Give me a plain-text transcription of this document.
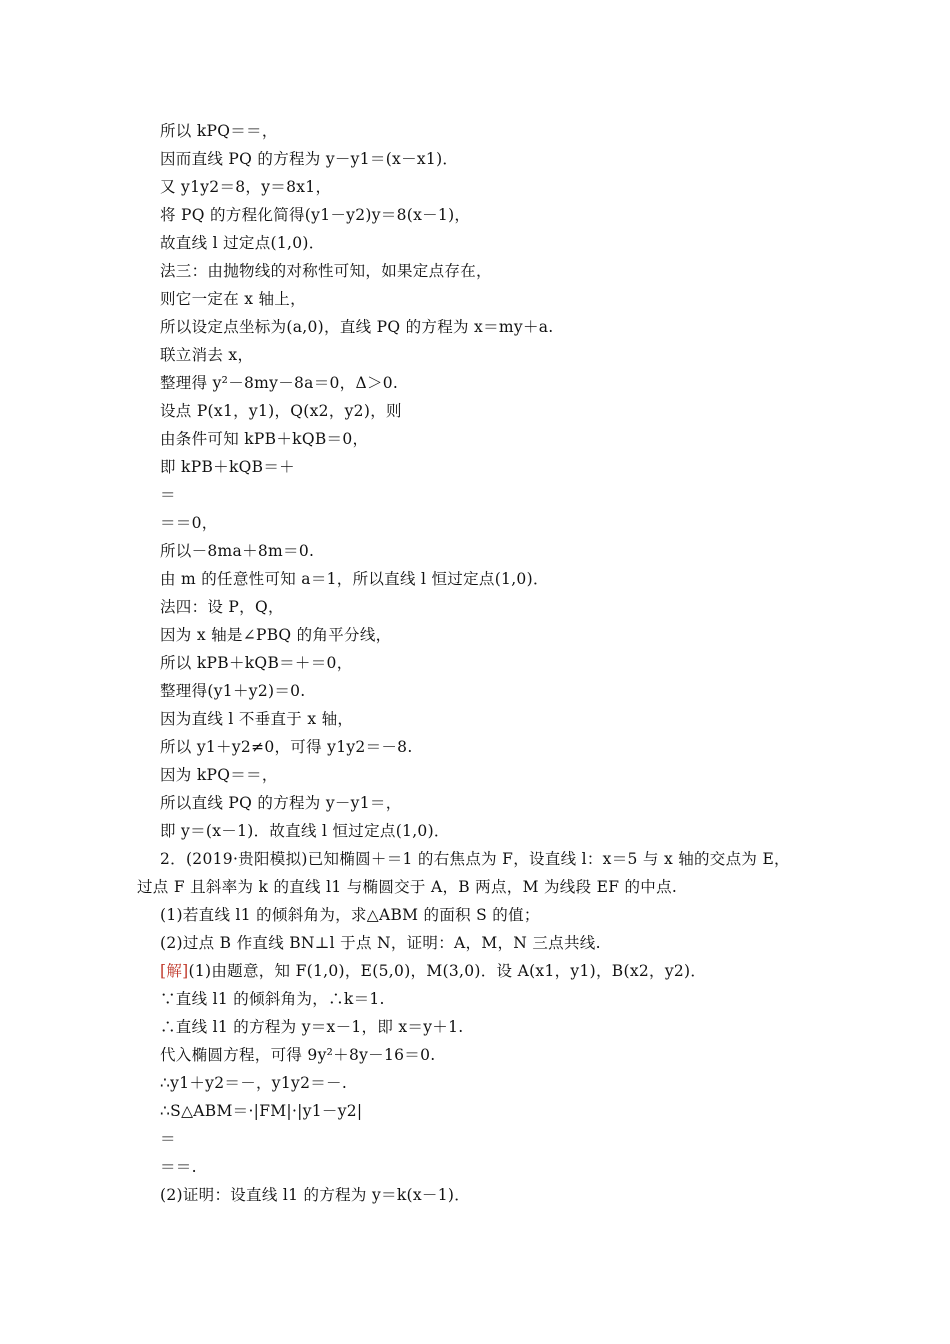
所以 kPQ＝＝，
因而直线 PQ 的方程为 y－y1＝(x－x1)．
又 y1y2＝8，y＝8x1，
将 PQ 的方程化简得(y1－y2)y＝8(x－1)，
故直线 l 过定点(1,0)．
法三：由抛物线的对称性可知，如果定点存在，
则它一定在 x 轴上，
所以设定点坐标为(a,0)，直线 PQ 的方程为 x＝my＋a.
联立消去 x，
整理得 y²－8my－8a＝0，Δ＞0.
设点 P(x1，y1)，Q(x2，y2)，则
由条件可知 kPB＋kQB＝0，
即 kPB＋kQB＝＋
＝
＝＝0，
所以－8ma＋8m＝0.
由 m 的任意性可知 a＝1，所以直线 l 恒过定点(1,0)．
法四：设 P，Q，
因为 x 轴是∠PBQ 的角平分线，
所以 kPB＋kQB＝＋＝0，
整理得(y1＋y2)＝0.
因为直线 l 不垂直于 x 轴，
所以 y1＋y2≠0，可得 y1y2＝－8.
因为 kPQ＝＝，
所以直线 PQ 的方程为 y－y1＝，
即 y＝(x－1)．故直线 l 恒过定点(1,0)．
2．(2019·贵阳模拟)已知椭圆＋＝1 的右焦点为 F，设直线 l：x＝5 与 x 轴的交点为 E，
过点 F 且斜率为 k 的直线 l1 与椭圆交于 A，B 两点，M 为线段 EF 的中点.
(1)若直线 l1 的倾斜角为，求△ABM 的面积 S 的值；
(2)过点 B 作直线 BN⊥l 于点 N，证明：A，M，N 三点共线.
[解](1)由题意，知 F(1,0)，E(5,0)，M(3,0)．设 A(x1，y1)，B(x2，y2)．
∵直线 l1 的倾斜角为，∴k＝1.
∴直线 l1 的方程为 y＝x－1，即 x＝y＋1.
代入椭圆方程，可得 9y²＋8y－16＝0.
∴y1＋y2＝－，y1y2＝－.
∴S△ABM＝·|FM|·|y1－y2|
＝
＝＝.
(2)证明：设直线 l1 的方程为 y＝k(x－1)．
